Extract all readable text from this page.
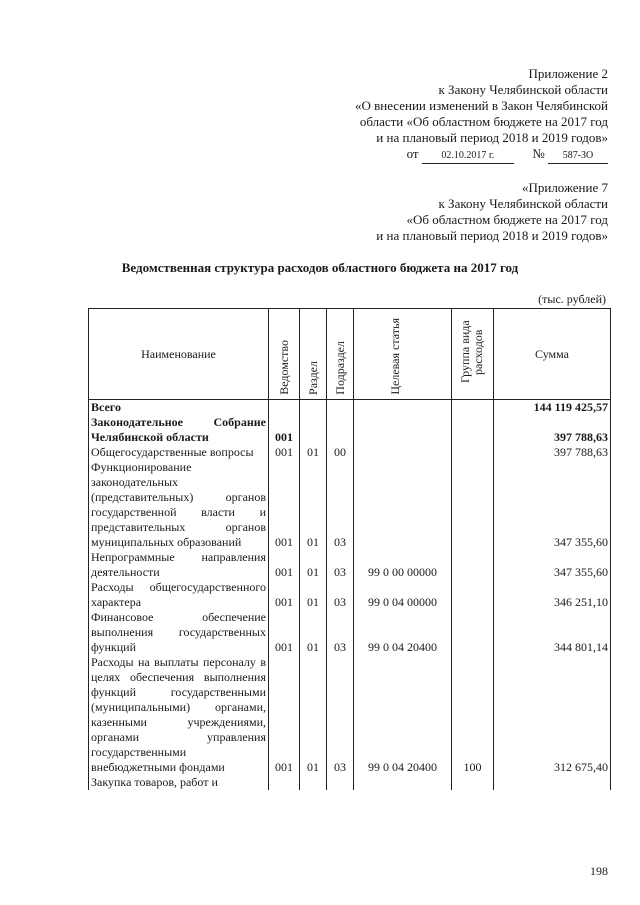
Приложение 2
к Закону Челябинской области
«О внесении изменений в Закон Челябинской
области «Об областном бюджете на 2017 год
и на плановый период 2018 и 2019 годов»
от 02.10.2017 г.	№ 587-ЗО
«Приложение 7
к Закону Челябинской области
«Об областном бюджете на 2017 год
и на плановый период 2018 и 2019 годов»
Ведомственная структура расходов областного бюджета на 2017 год
(тыс. рублей)
Наименование	Ведомство	Раздел	Подраздел	Целевая статья	Группа вида расходов	Сумма
Всего						144 119 425,57
Законодательное Собрание Челябинской области	001					397 788,63
Общегосударственные вопросы	001	01	00			397 788,63
Функционирование законодательных (представительных) органов государственной власти и представительных органов муниципальных образований	001	01	03			347 355,60
Непрограммные направления деятельности	001	01	03	99 0 00 00000		347 355,60
Расходы общегосударственного характера	001	01	03	99 0 04 00000		346 251,10
Финансовое обеспечение выполнения государственных функций	001	01	03	99 0 04 20400		344 801,14
Расходы на выплаты персоналу в целях обеспечения выполнения функций государственными (муниципальными) органами, казенными учреждениями, органами управления государственными внебюджетными фондами	001	01	03	99 0 04 20400	100	312 675,40
Закупка товаров, работ и						
198
